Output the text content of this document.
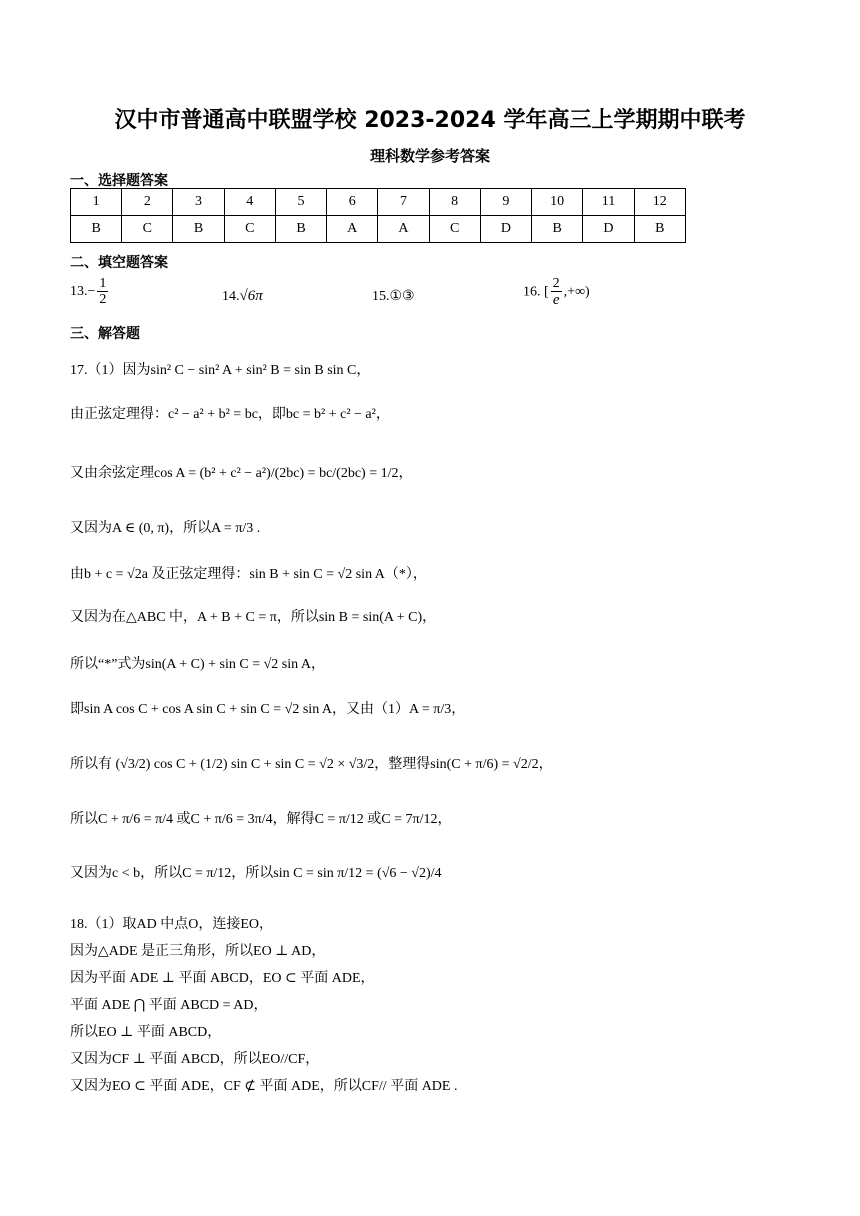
汉中市普通高中联盟学校 2023-2024 学年高三上学期期中联考
理科数学参考答案
一、选择题答案
1	2	3	4	5	6	7	8	9	10	11	12
B	C	B	C	B	A	A	C	D	B	D	B
二、填空题答案
$13.- \frac{1}{2}$	14.√6π	15.①③	16. [ $\frac{2}{e}$ ,+∞)
三、解答题
17.（1）因为sin² C − sin² A + sin² B = sin B sin C，
由正弦定理得：c² − a² + b² = bc，即bc = b² + c² − a²，
又由余弦定理cos A = (b² + c² − a²)/(2bc) = bc/(2bc) = 1/2，
又因为A ∈ (0, π)，所以A = π/3 .
由b + c = √2a 及正弦定理得：sin B + sin C = √2 sin A（*），
又因为在△ABC 中，A + B + C = π，所以sin B = sin(A + C)，
所以“*”式为sin(A + C) + sin C = √2 sin A，
即sin A cos C + cos A sin C + sin C = √2 sin A，又由（1）A = π/3，
所以有 (√3/2) cos C + (1/2) sin C + sin C = √2 × √3/2，整理得sin(C + π/6) = √2/2，
所以C + π/6 = π/4 或C + π/6 = 3π/4，解得C = π/12 或C = 7π/12，
又因为c < b，所以C = π/12，所以sin C = sin π/12 = (√6 − √2)/4
18.（1）取AD 中点O，连接EO，
因为△ADE 是正三角形，所以EO ⊥ AD，
因为平面 ADE ⊥ 平面 ABCD，EO ⊂ 平面 ADE，
平面 ADE ⋂ 平面 ABCD = AD，
所以EO ⊥ 平面 ABCD，
又因为CF ⊥ 平面 ABCD，所以EO//CF，
又因为EO ⊂ 平面 ADE，CF ⊄ 平面 ADE，所以CF// 平面 ADE .
